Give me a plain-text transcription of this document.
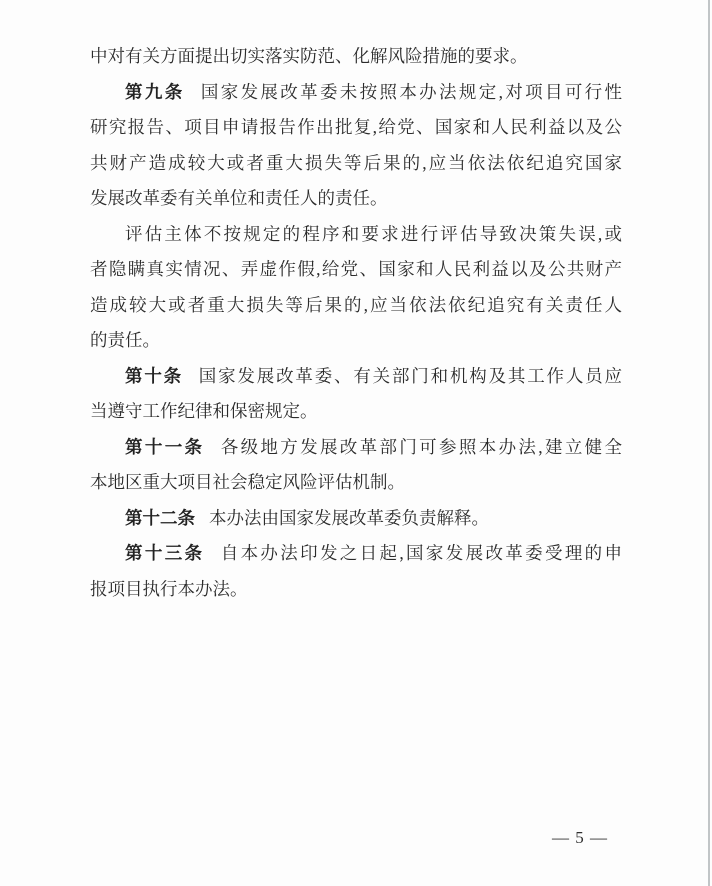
中对有关方面提出切实落实防范、化解风险措施的要求。
第九条 国家发展改革委未按照本办法规定,对项目可行性
研究报告、项目申请报告作出批复,给党、国家和人民利益以及公
共财产造成较大或者重大损失等后果的,应当依法依纪追究国家
发展改革委有关单位和责任人的责任。
评估主体不按规定的程序和要求进行评估导致决策失误,或
者隐瞒真实情况、弄虚作假,给党、国家和人民利益以及公共财产
造成较大或者重大损失等后果的,应当依法依纪追究有关责任人
的责任。
第十条 国家发展改革委、有关部门和机构及其工作人员应
当遵守工作纪律和保密规定。
第十一条 各级地方发展改革部门可参照本办法,建立健全
本地区重大项目社会稳定风险评估机制。
第十二条 本办法由国家发展改革委负责解释。
第十三条 自本办法印发之日起,国家发展改革委受理的申
报项目执行本办法。
— 5 —
